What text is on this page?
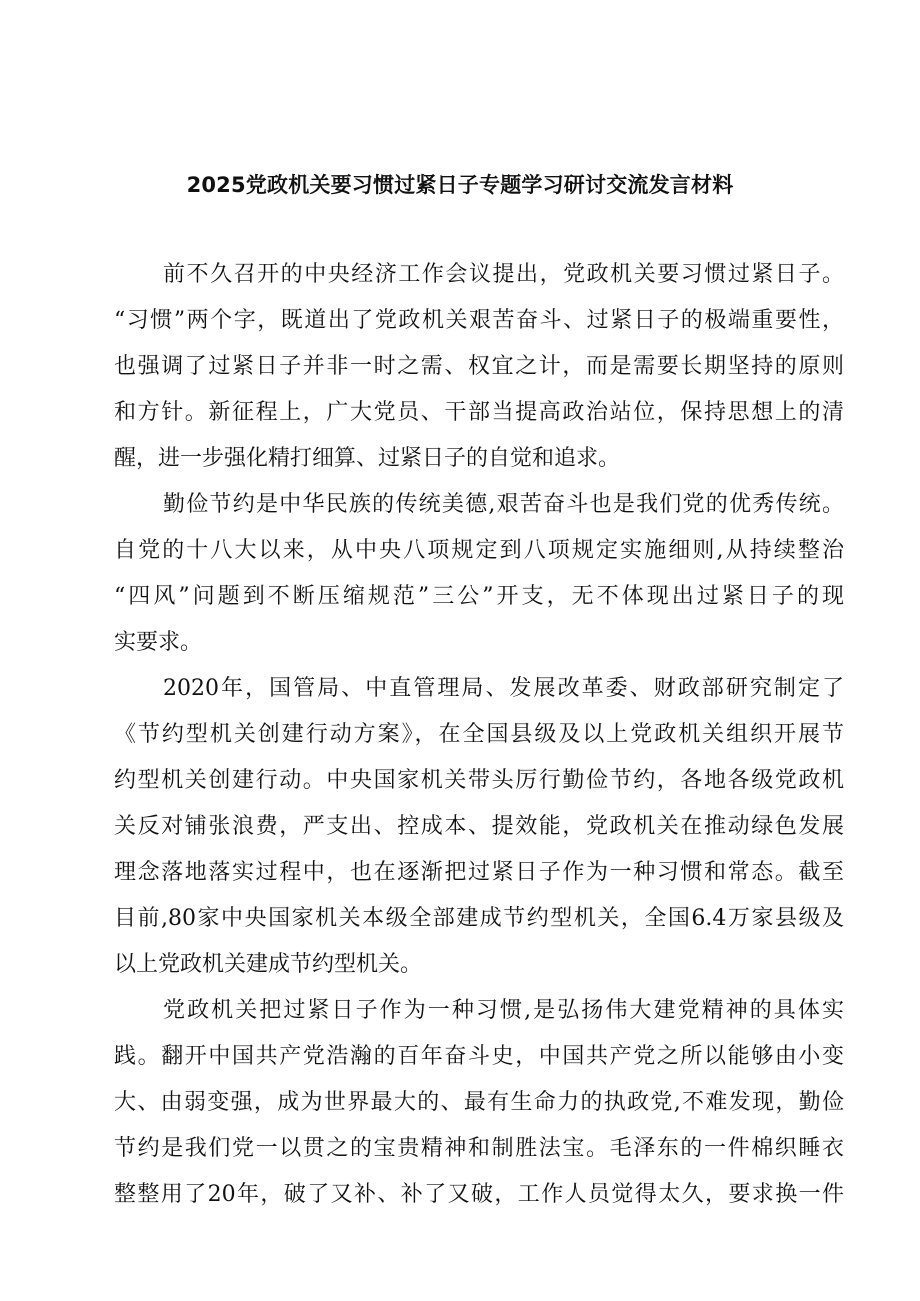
2025党政机关要习惯过紧日子专题学习研讨交流发言材料
前不久召开的中央经济工作会议提出，党政机关要习惯过紧日子。
“习惯”两个字，既道出了党政机关艰苦奋斗、过紧日子的极端重要性，
也强调了过紧日子并非一时之需、权宜之计，而是需要长期坚持的原则
和方针。新征程上，广大党员、干部当提高政治站位，保持思想上的清
醒，进一步强化精打细算、过紧日子的自觉和追求。
勤俭节约是中华民族的传统美德,艰苦奋斗也是我们党的优秀传统。
自党的十八大以来，从中央八项规定到八项规定实施细则,从持续整治
“四风”问题到不断压缩规范”三公”开支，无不体现出过紧日子的现
实要求。
2020年，国管局、中直管理局、发展改革委、财政部研究制定了
《节约型机关创建行动方案》，在全国县级及以上党政机关组织开展节
约型机关创建行动。中央国家机关带头厉行勤俭节约，各地各级党政机
关反对铺张浪费，严支出、控成本、提效能，党政机关在推动绿色发展
理念落地落实过程中，也在逐渐把过紧日子作为一种习惯和常态。截至
目前,80家中央国家机关本级全部建成节约型机关，全国6.4万家县级及
以上党政机关建成节约型机关。
党政机关把过紧日子作为一种习惯,是弘扬伟大建党精神的具体实
践。翻开中国共产党浩瀚的百年奋斗史，中国共产党之所以能够由小变
大、由弱变强，成为世界最大的、最有生命力的执政党,不难发现，勤俭
节约是我们党一以贯之的宝贵精神和制胜法宝。毛泽东的一件棉织睡衣
整整用了20年，破了又补、补了又破，工作人员觉得太久，要求换一件
